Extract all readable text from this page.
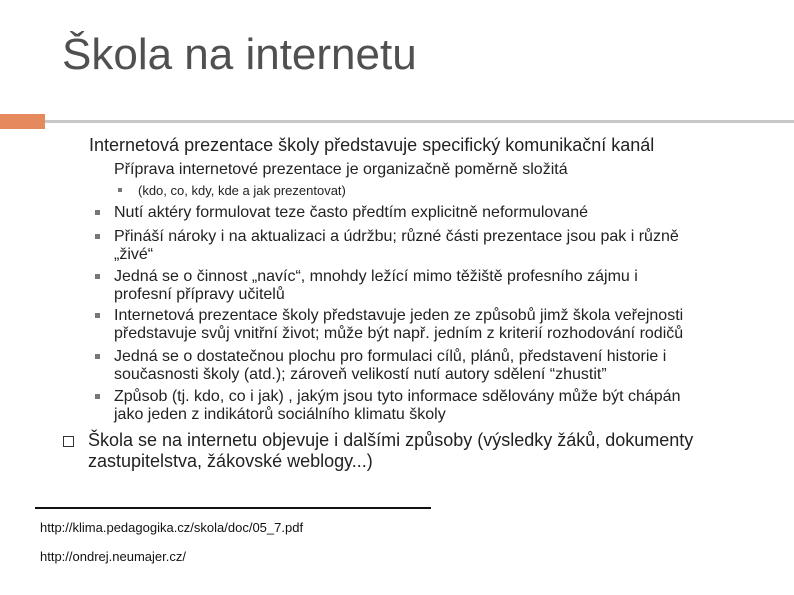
Škola na internetu
Internetová prezentace školy představuje specifický komunikační kanál
Příprava internetové prezentace je organizačně poměrně složitá
(kdo, co, kdy, kde a jak prezentovat)
Nutí aktéry formulovat teze často předtím explicitně neformulované
Přináší nároky i na aktualizaci a údržbu; různé části prezentace jsou pak i různě
„živé“
Jedná se o činnost „navíc“, mnohdy ležící mimo těžiště profesního zájmu i
profesní přípravy učitelů
Internetová prezentace školy představuje jeden ze způsobů jimž škola veřejnosti
představuje svůj vnitřní život; může být např. jedním z kriterií rozhodování rodičů
Jedná se o dostatečnou plochu pro formulaci cílů, plánů, představení historie i
současnosti školy (atd.); zároveň velikostí nutí autory sdělení “zhustit”
Způsob (tj. kdo, co i jak) , jakým jsou tyto informace sdělovány může být chápán
jako jeden z indikátorů sociálního klimatu školy
Škola se na internetu objevuje i dalšími způsoby (výsledky žáků, dokumenty
zastupitelstva, žákovské weblogy...)
http://klima.pedagogika.cz/skola/doc/05_7.pdf
http://ondrej.neumajer.cz/
